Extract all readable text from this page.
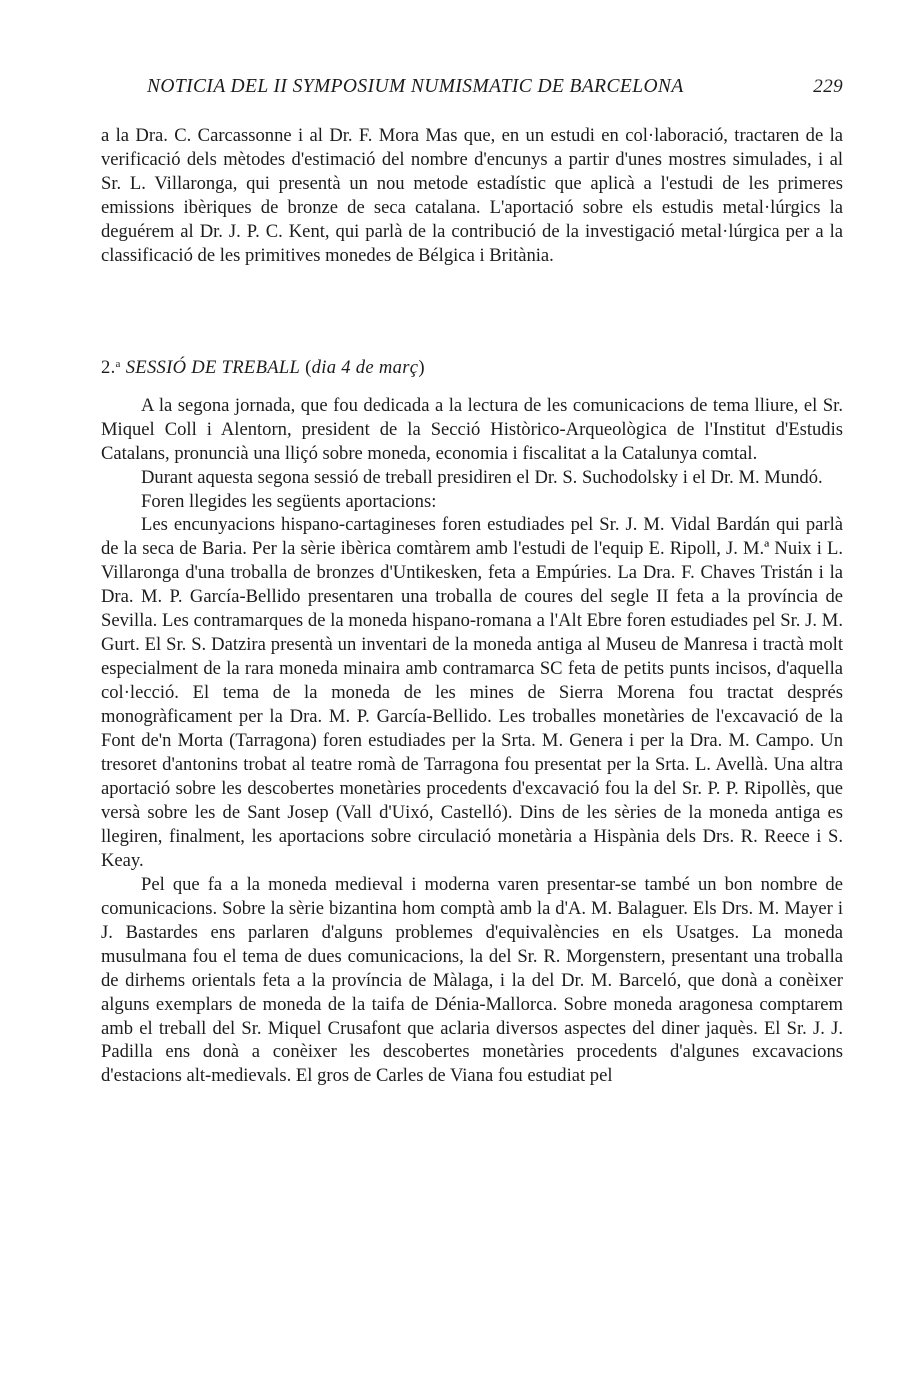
NOTICIA DEL II SYMPOSIUM NUMISMATIC DE BARCELONA	229

a la Dra. C. Carcassonne i al Dr. F. Mora Mas que, en un estudi en col·laboració, tractaren de la verificació dels mètodes d'estimació del nombre d'encunys a partir d'unes mostres simulades, i al Sr. L. Villaronga, qui presentà un nou metode estadístic que aplicà a l'estudi de les primeres emissions ibèriques de bronze de seca catalana. L'aportació sobre els estudis metal·lúrgics la deguérem al Dr. J. P. C. Kent, qui parlà de la contribució de la investigació metal·lúrgica per a la classificació de les primitives monedes de Bélgica i Britània.

2.$^a$ SESSIÓ DE TREBALL (dia 4 de març)

A la segona jornada, que fou dedicada a la lectura de les comunicacions de tema lliure, el Sr. Miquel Coll i Alentorn, president de la Secció Històrico-Arqueològica de l'Institut d'Estudis Catalans, pronuncià una lliçó sobre moneda, economia i fiscalitat a la Catalunya comtal.

Durant aquesta segona sessió de treball presidiren el Dr. S. Suchodolsky i el Dr. M. Mundó.

Foren llegides les següents aportacions:

Les encunyacions hispano-cartagineses foren estudiades pel Sr. J. M. Vidal Bardán qui parlà de la seca de Baria. Per la sèrie ibèrica comtàrem amb l'estudi de l'equip E. Ripoll, J. M.ª Nuix i L. Villaronga d'una troballa de bronzes d'Untikesken, feta a Empúries. La Dra. F. Chaves Tristán i la Dra. M. P. García-Bellido presentaren una troballa de coures del segle II feta a la província de Sevilla. Les contramarques de la moneda hispano-romana a l'Alt Ebre foren estudiades pel Sr. J. M. Gurt. El Sr. S. Datzira presentà un inventari de la moneda antiga al Museu de Manresa i tractà molt especialment de la rara moneda minaira amb contramarca SC feta de petits punts incisos, d'aquella col·lecció. El tema de la moneda de les mines de Sierra Morena fou tractat després monogràficament per la Dra. M. P. García-Bellido. Les troballes monetàries de l'excavació de la Font de'n Morta (Tarragona) foren estudiades per la Srta. M. Genera i per la Dra. M. Campo. Un tresoret d'antonins trobat al teatre romà de Tarragona fou presentat per la Srta. L. Avellà. Una altra aportació sobre les descobertes monetàries procedents d'excavació fou la del Sr. P. P. Ripollès, que versà sobre les de Sant Josep (Vall d'Uixó, Castelló). Dins de les sèries de la moneda antiga es llegiren, finalment, les aportacions sobre circulació monetària a Hispània dels Drs. R. Reece i S. Keay.

Pel que fa a la moneda medieval i moderna varen presentar-se també un bon nombre de comunicacions. Sobre la sèrie bizantina hom comptà amb la d'A. M. Balaguer. Els Drs. M. Mayer i J. Bastardes ens parlaren d'alguns problemes d'equivalències en els Usatges. La moneda musulmana fou el tema de dues comunicacions, la del Sr. R. Morgenstern, presentant una troballa de dirhems orientals feta a la província de Màlaga, i la del Dr. M. Barceló, que donà a conèixer alguns exemplars de moneda de la taifa de Dénia-Mallorca. Sobre moneda aragonesa comptarem amb el treball del Sr. Miquel Crusafont que aclaria diversos aspectes del diner jaquès. El Sr. J. J. Padilla ens donà a conèixer les descobertes monetàries procedents d'algunes excavacions d'estacions alt-medievals. El gros de Carles de Viana fou estudiat pel
